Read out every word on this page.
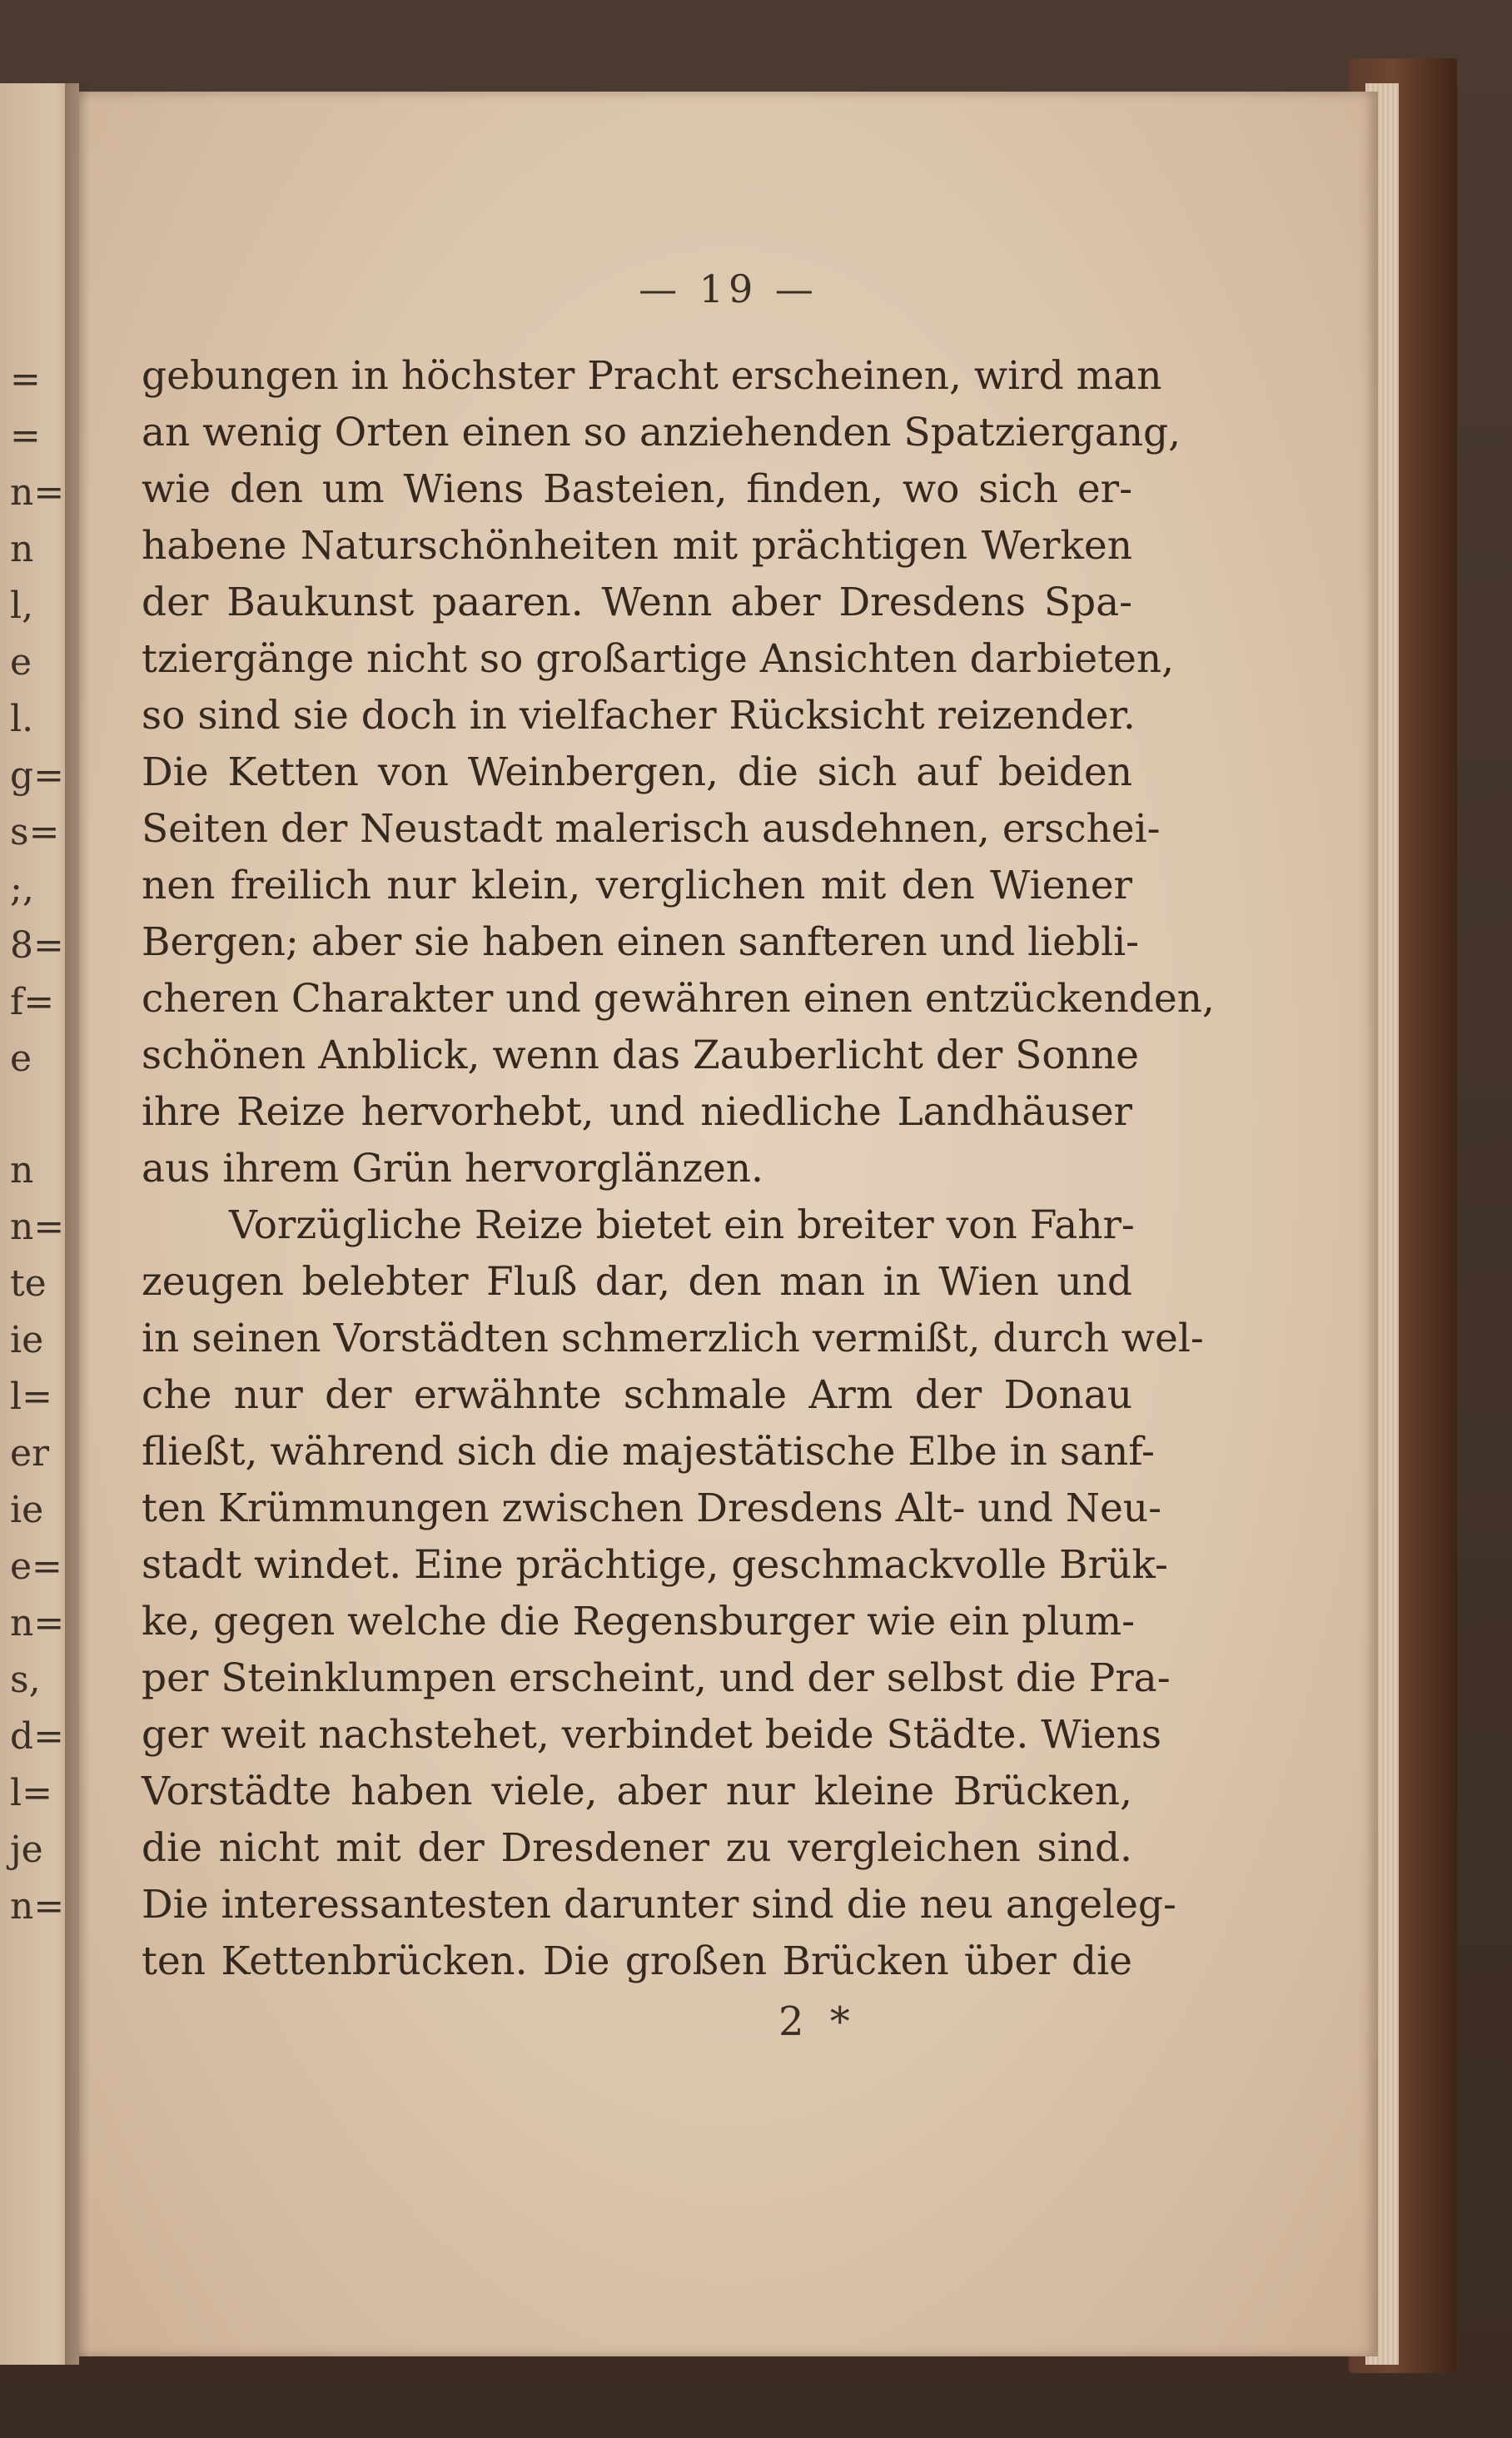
=
=
n=
n
l,
e
l.
g=
s=
;,
8=
f=
e
n
n=
te
ie
l=
er
ie
e=
n=
s,
d=
l=
je
n=
— 19 —
gebungen in höchster Pracht erscheinen, wird man
an wenig Orten einen so anziehenden Spatziergang,
wie den um Wiens Basteien, finden, wo sich er-
habene Naturschönheiten mit prächtigen Werken
der Baukunst paaren. Wenn aber Dresdens Spa-
tziergänge nicht so großartige Ansichten darbieten,
so sind sie doch in vielfacher Rücksicht reizender.
Die Ketten von Weinbergen, die sich auf beiden
Seiten der Neustadt malerisch ausdehnen, erschei-
nen freilich nur klein, verglichen mit den Wiener
Bergen; aber sie haben einen sanfteren und liebli-
cheren Charakter und gewähren einen entzückenden,
schönen Anblick, wenn das Zauberlicht der Sonne
ihre Reize hervorhebt, und niedliche Landhäuser
aus ihrem Grün hervorglänzen.
Vorzügliche Reize bietet ein breiter von Fahr-
zeugen belebter Fluß dar, den man in Wien und
in seinen Vorstädten schmerzlich vermißt, durch wel-
che nur der erwähnte schmale Arm der Donau
fließt, während sich die majestätische Elbe in sanf-
ten Krümmungen zwischen Dresdens Alt- und Neu-
stadt windet. Eine prächtige, geschmackvolle Brük-
ke, gegen welche die Regensburger wie ein plum-
per Steinklumpen erscheint, und der selbst die Pra-
ger weit nachstehet, verbindet beide Städte. Wiens
Vorstädte haben viele, aber nur kleine Brücken,
die nicht mit der Dresdener zu vergleichen sind.
Die interessantesten darunter sind die neu angeleg-
ten Kettenbrücken. Die großen Brücken über die
2 *
